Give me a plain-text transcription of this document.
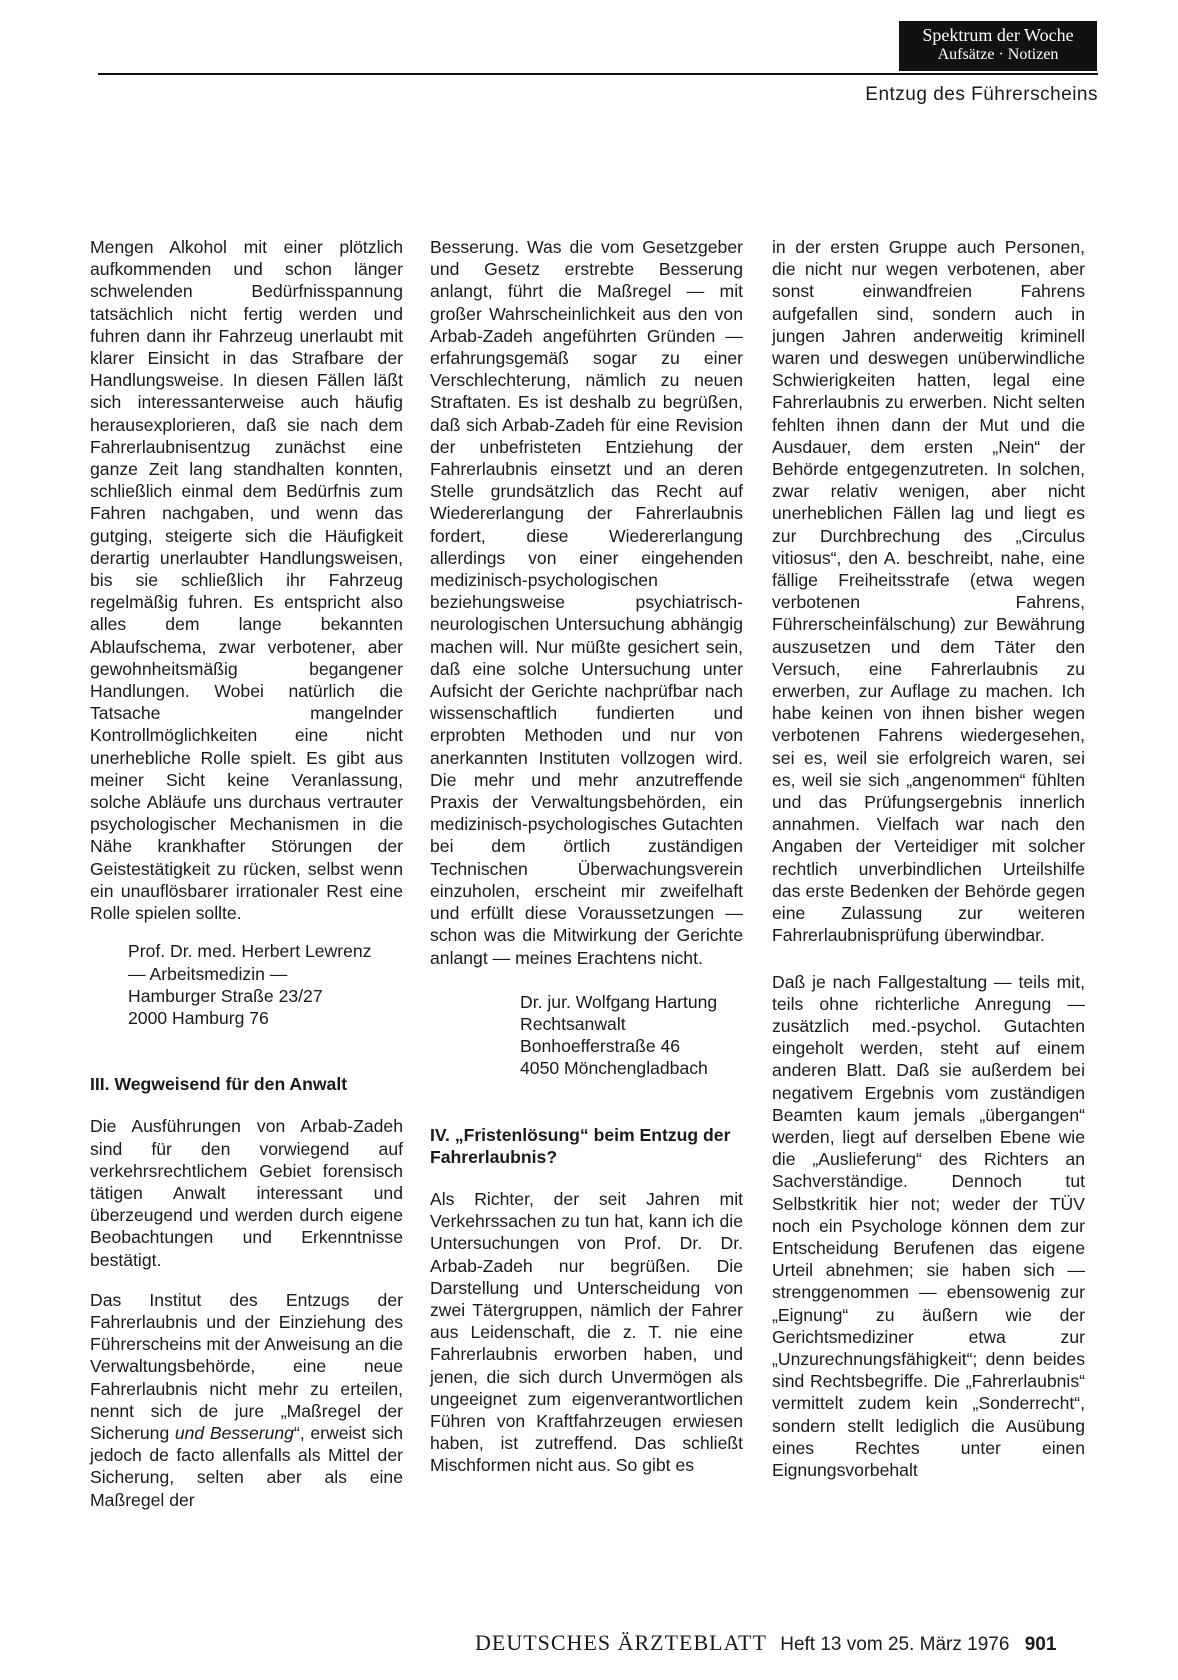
Spektrum der Woche
Aufsätze · Notizen
Entzug des Führerscheins

Mengen Alkohol mit einer plötzlich aufkommenden und schon länger schwelenden Bedürfnisspannung tatsächlich nicht fertig werden und fuhren dann ihr Fahrzeug unerlaubt mit klarer Einsicht in das Strafbare der Handlungsweise. In diesen Fällen läßt sich interessanterweise auch häufig herausexplorieren, daß sie nach dem Fahrerlaubnisentzug zunächst eine ganze Zeit lang standhalten konnten, schließlich einmal dem Bedürfnis zum Fahren nachgaben, und wenn das gutging, steigerte sich die Häufigkeit derartig unerlaubter Handlungsweisen, bis sie schließlich ihr Fahrzeug regelmäßig fuhren. Es entspricht also alles dem lange bekannten Ablaufschema, zwar verbotener, aber gewohnheitsmäßig begangener Handlungen. Wobei natürlich die Tatsache mangelnder Kontrollmöglichkeiten eine nicht unerhebliche Rolle spielt. Es gibt aus meiner Sicht keine Veranlassung, solche Abläufe uns durchaus vertrauter psychologischer Mechanismen in die Nähe krankhafter Störungen der Geistestätigkeit zu rücken, selbst wenn ein unauflösbarer irrationaler Rest eine Rolle spielen sollte.

Prof. Dr. med. Herbert Lewrenz
— Arbeitsmedizin —
Hamburger Straße 23/27
2000 Hamburg 76
III. Wegweisend für den Anwalt

Die Ausführungen von Arbab-Zadeh sind für den vorwiegend auf verkehrsrechtlichem Gebiet forensisch tätigen Anwalt interessant und überzeugend und werden durch eigene Beobachtungen und Erkenntnisse bestätigt.

Das Institut des Entzugs der Fahrerlaubnis und der Einziehung des Führerscheins mit der Anweisung an die Verwaltungsbehörde, eine neue Fahrerlaubnis nicht mehr zu erteilen, nennt sich de jure „Maßregel der Sicherung und Besserung“, erweist sich jedoch de facto allenfalls als Mittel der Sicherung, selten aber als eine Maßregel der

Besserung. Was die vom Gesetzgeber und Gesetz erstrebte Besserung anlangt, führt die Maßregel — mit großer Wahrscheinlichkeit aus den von Arbab-Zadeh angeführten Gründen — erfahrungsgemäß sogar zu einer Verschlechterung, nämlich zu neuen Straftaten. Es ist deshalb zu begrüßen, daß sich Arbab-Zadeh für eine Revision der unbefristeten Entziehung der Fahrerlaubnis einsetzt und an deren Stelle grundsätzlich das Recht auf Wiedererlangung der Fahrerlaubnis fordert, diese Wiedererlangung allerdings von einer eingehenden medizinisch-psychologischen beziehungsweise psychiatrisch-neurologischen Untersuchung abhängig machen will. Nur müßte gesichert sein, daß eine solche Untersuchung unter Aufsicht der Gerichte nachprüfbar nach wissenschaftlich fundierten und erprobten Methoden und nur von anerkannten Instituten vollzogen wird. Die mehr und mehr anzutreffende Praxis der Verwaltungsbehörden, ein medizinisch-psychologisches Gutachten bei dem örtlich zuständigen Technischen Überwachungsverein einzuholen, erscheint mir zweifelhaft und erfüllt diese Voraussetzungen — schon was die Mitwirkung der Gerichte anlangt — meines Erachtens nicht.

Dr. jur. Wolfgang Hartung
Rechtsanwalt
Bonhoefferstraße 46
4050 Mönchengladbach
IV. „Fristenlösung“ beim Entzug der Fahrerlaubnis?

Als Richter, der seit Jahren mit Verkehrssachen zu tun hat, kann ich die Untersuchungen von Prof. Dr. Dr. Arbab-Zadeh nur begrüßen. Die Darstellung und Unterscheidung von zwei Tätergruppen, nämlich der Fahrer aus Leidenschaft, die z. T. nie eine Fahrerlaubnis erworben haben, und jenen, die sich durch Unvermögen als ungeeignet zum eigenverantwortlichen Führen von Kraftfahrzeugen erwiesen haben, ist zutreffend. Das schließt Mischformen nicht aus. So gibt es

in der ersten Gruppe auch Personen, die nicht nur wegen verbotenen, aber sonst einwandfreien Fahrens aufgefallen sind, sondern auch in jungen Jahren anderweitig kriminell waren und deswegen unüberwindliche Schwierigkeiten hatten, legal eine Fahrerlaubnis zu erwerben. Nicht selten fehlten ihnen dann der Mut und die Ausdauer, dem ersten „Nein“ der Behörde entgegenzutreten. In solchen, zwar relativ wenigen, aber nicht unerheblichen Fällen lag und liegt es zur Durchbrechung des „Circulus vitiosus“, den A. beschreibt, nahe, eine fällige Freiheitsstrafe (etwa wegen verbotenen Fahrens, Führerscheinfälschung) zur Bewährung auszusetzen und dem Täter den Versuch, eine Fahrerlaubnis zu erwerben, zur Auflage zu machen. Ich habe keinen von ihnen bisher wegen verbotenen Fahrens wiedergesehen, sei es, weil sie erfolgreich waren, sei es, weil sie sich „angenommen“ fühlten und das Prüfungsergebnis innerlich annahmen. Vielfach war nach den Angaben der Verteidiger mit solcher rechtlich unverbindlichen Urteilshilfe das erste Bedenken der Behörde gegen eine Zulassung zur weiteren Fahrerlaubnisprüfung überwindbar.

Daß je nach Fallgestaltung — teils mit, teils ohne richterliche Anregung — zusätzlich med.-psychol. Gutachten eingeholt werden, steht auf einem anderen Blatt. Daß sie außerdem bei negativem Ergebnis vom zuständigen Beamten kaum jemals „übergangen“ werden, liegt auf derselben Ebene wie die „Auslieferung“ des Richters an Sachverständige. Dennoch tut Selbstkritik hier not; weder der TÜV noch ein Psychologe können dem zur Entscheidung Berufenen das eigene Urteil abnehmen; sie haben sich — strenggenommen — ebensowenig zur „Eignung“ zu äußern wie der Gerichtsmediziner etwa zur „Unzurechnungsfähigkeit“; denn beides sind Rechtsbegriffe. Die „Fahrerlaubnis“ vermittelt zudem kein „Sonderrecht“, sondern stellt lediglich die Ausübung eines Rechtes unter einen Eignungsvorbehalt

DEUTSCHES ÄRZTEBLATT Heft 13 vom 25. März 1976 901
